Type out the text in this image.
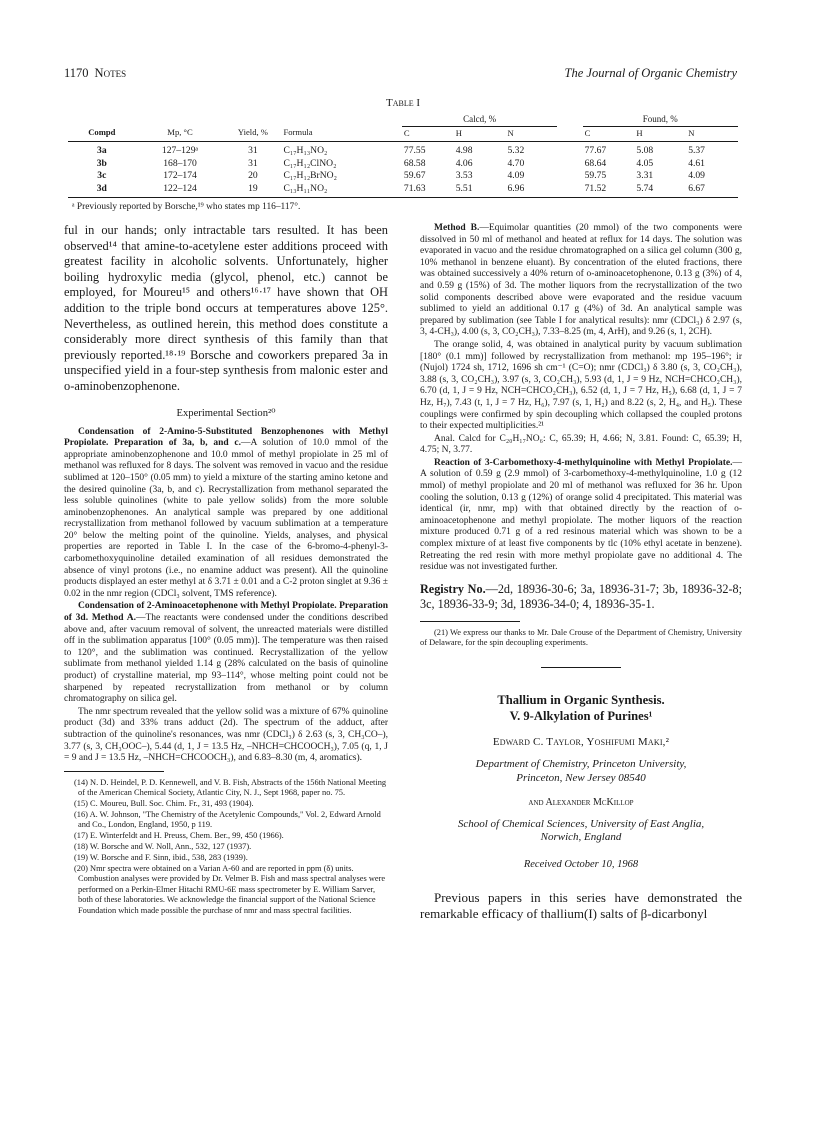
1170 Notes	The Journal of Organic Chemistry
Table I
				Calcd, %				Found, %		
Compd	Mp, °C	Yield, %	Formula	C	H	N		C	H	N
3a	127–129ᵃ	31	C₁₇H₁₃NO₂	77.55	4.98	5.32		77.67	5.08	5.37
3b	168–170	31	C₁₇H₁₂ClNO₂	68.58	4.06	4.70		68.64	4.05	4.61
3c	172–174	20	C₁₇H₁₂BrNO₂	59.67	3.53	4.09		59.75	3.31	4.09
3d	122–124	19	C₁₃H₁₁NO₂	71.63	5.51	6.96		71.52	5.74	6.67
ᵃ Previously reported by Borsche,¹⁹ who states mp 116–117°.

ful in our hands; only intractable tars resulted. It has been observed¹⁴ that amine-to-acetylene ester additions proceed with greatest facility in alcoholic solvents. Unfortunately, higher boiling hydroxylic media (glycol, phenol, etc.) cannot be employed, for Moureu¹⁵ and others¹⁶·¹⁷ have shown that OH addition to the triple bond occurs at temperatures above 125°. Nevertheless, as outlined herein, this method does constitute a considerably more direct synthesis of this family than that previously reported.¹⁸·¹⁹ Borsche and coworkers prepared 3a in unspecified yield in a four-step synthesis from malonic ester and o-aminobenzophenone.

Experimental Section²⁰

Condensation of 2-Amino-5-Substituted Benzophenones with Methyl Propiolate. Preparation of 3a, b, and c.—A solution of 10.0 mmol of the appropriate aminobenzophenone and 10.0 mmol of methyl propiolate in 25 ml of methanol was refluxed for 8 days. The solvent was removed in vacuo and the residue sublimed at 120–150° (0.05 mm) to yield a mixture of the starting amino ketone and the desired quinoline (3a, b, and c). Recrystallization from methanol separated the less soluble quinolines (white to pale yellow solids) from the more soluble aminobenzophenones. An analytical sample was prepared by one additional recrystallization from methanol followed by vacuum sublimation at a temperature 20° below the melting point of the quinoline. Yields, analyses, and physical properties are reported in Table I. In the case of the 6-bromo-4-phenyl-3-carbomethoxyquinoline detailed examination of all residues demonstrated the absence of vinyl protons (i.e., no enamine adduct was present). All the quinoline products displayed an ester methyl at δ 3.71 ± 0.01 and a C-2 proton singlet at 9.36 ± 0.02 in the nmr region (CDCl₃ solvent, TMS reference).

Condensation of 2-Aminoacetophenone with Methyl Propiolate. Preparation of 3d. Method A.—The reactants were condensed under the conditions described above and, after vacuum removal of solvent, the unreacted materials were distilled off in the sublimation apparatus [100° (0.05 mm)]. The temperature was then raised to 120°, and the sublimation was continued. Recrystallization of the yellow sublimate from methanol yielded 1.14 g (28% calculated on the basis of quinoline product) of crystalline material, mp 93–114°, whose melting point could not be sharpened by repeated recrystallization from methanol or by column chromatography on silica gel.

The nmr spectrum revealed that the yellow solid was a mixture of 67% quinoline product (3d) and 33% trans adduct (2d). The spectrum of the adduct, after subtraction of the quinoline's resonances, was nmr (CDCl₃) δ 2.63 (s, 3, CH₃CO–), 3.77 (s, 3, CH₃OOC–), 5.44 (d, 1, J = 13.5 Hz, –NHCH=CHCOOCH₃), 7.05 (q, 1, J = 9 and J = 13.5 Hz, –NHCH=CHCOOCH₃), and 6.83–8.30 (m, 4, aromatics).

(14) N. D. Heindel, P. D. Kennewell, and V. B. Fish, Abstracts of the 156th National Meeting of the American Chemical Society, Atlantic City, N. J., Sept 1968, paper no. 75.
(15) C. Moureu, Bull. Soc. Chim. Fr., 31, 493 (1904).
(16) A. W. Johnson, "The Chemistry of the Acetylenic Compounds," Vol. 2, Edward Arnold and Co., London, England, 1950, p 119.
(17) E. Winterfeldt and H. Preuss, Chem. Ber., 99, 450 (1966).
(18) W. Borsche and W. Noll, Ann., 532, 127 (1937).
(19) W. Borsche and F. Sinn, ibid., 538, 283 (1939).
(20) Nmr spectra were obtained on a Varian A-60 and are reported in ppm (δ) units. Combustion analyses were provided by Dr. Velmer B. Fish and mass spectral analyses were performed on a Perkin-Elmer Hitachi RMU-6E mass spectrometer by E. William Sarver, both of these laboratories. We acknowledge the financial support of the National Science Foundation which made possible the purchase of nmr and mass spectral facilities.

Method B.—Equimolar quantities (20 mmol) of the two components were dissolved in 50 ml of methanol and heated at reflux for 14 days. The solution was evaporated in vacuo and the residue chromatographed on a silica gel column (300 g, 10% methanol in benzene eluant). By concentration of the eluted fractions, there was obtained successively a 40% return of o-aminoacetophenone, 0.13 g (3%) of 4, and 0.59 g (15%) of 3d. The mother liquors from the recrystallization of the two solid components described above were evaporated and the residue vacuum sublimed to yield an additional 0.17 g (4%) of 3d. An analytical sample was prepared by sublimation (see Table I for analytical results): nmr (CDCl₃) δ 2.97 (s, 3, 4-CH₃), 4.00 (s, 3, CO₂CH₃), 7.33–8.25 (m, 4, ArH), and 9.26 (s, 1, 2CH).

The orange solid, 4, was obtained in analytical purity by vacuum sublimation [180° (0.1 mm)] followed by recrystallization from methanol: mp 195–196°; ir (Nujol) 1724 sh, 1712, 1696 sh cm⁻¹ (C=O); nmr (CDCl₃) δ 3.80 (s, 3, CO₂CH₃), 3.88 (s, 3, CO₂CH₃), 3.97 (s, 3, CO₂CH₃), 5.93 (d, 1, J = 9 Hz, NCH=CHCO₂CH₃), 6.70 (d, 1, J = 9 Hz, NCH=CHCO₂CH₃), 6.52 (d, 1, J = 7 Hz, H₅), 6.68 (d, 1, J = 7 Hz, H₇), 7.43 (t, 1, J = 7 Hz, H₆), 7.97 (s, 1, H₂) and 8.22 (s, 2, H₄, and H₅). These couplings were confirmed by spin decoupling which collapsed the coupled protons to their expected multiplicities.²¹

Anal. Calcd for C₂₀H₁₇NO₆: C, 65.39; H, 4.66; N, 3.81. Found: C, 65.39; H, 4.75; N, 3.77.

Reaction of 3-Carbomethoxy-4-methylquinoline with Methyl Propiolate.—A solution of 0.59 g (2.9 mmol) of 3-carbomethoxy-4-methylquinoline, 1.0 g (12 mmol) of methyl propiolate and 20 ml of methanol was refluxed for 36 hr. Upon cooling the solution, 0.13 g (12%) of orange solid 4 precipitated. This material was identical (ir, nmr, mp) with that obtained directly by the reaction of o-aminoacetophenone and methyl propiolate. The mother liquors of the reaction mixture produced 0.71 g of a red resinous material which was shown to be a complex mixture of at least five components by tlc (10% ethyl acetate in benzene). Retreating the red resin with more methyl propiolate gave no additional 4. The residue was not investigated further.

Registry No.—2d, 18936-30-6; 3a, 18936-31-7; 3b, 18936-32-8; 3c, 18936-33-9; 3d, 18936-34-0; 4, 18936-35-1.

(21) We express our thanks to Mr. Dale Crouse of the Department of Chemistry, University of Delaware, for the spin decoupling experiments.

Thallium in Organic Synthesis.
V. 9-Alkylation of Purines¹
Edward C. Taylor, Yoshifumi Maki,²
Department of Chemistry, Princeton University,
Princeton, New Jersey 08540
and Alexander McKillop
School of Chemical Sciences, University of East Anglia,
Norwich, England
Received October 10, 1968

Previous papers in this series have demonstrated the remarkable efficacy of thallium(I) salts of β-dicarbonyl
